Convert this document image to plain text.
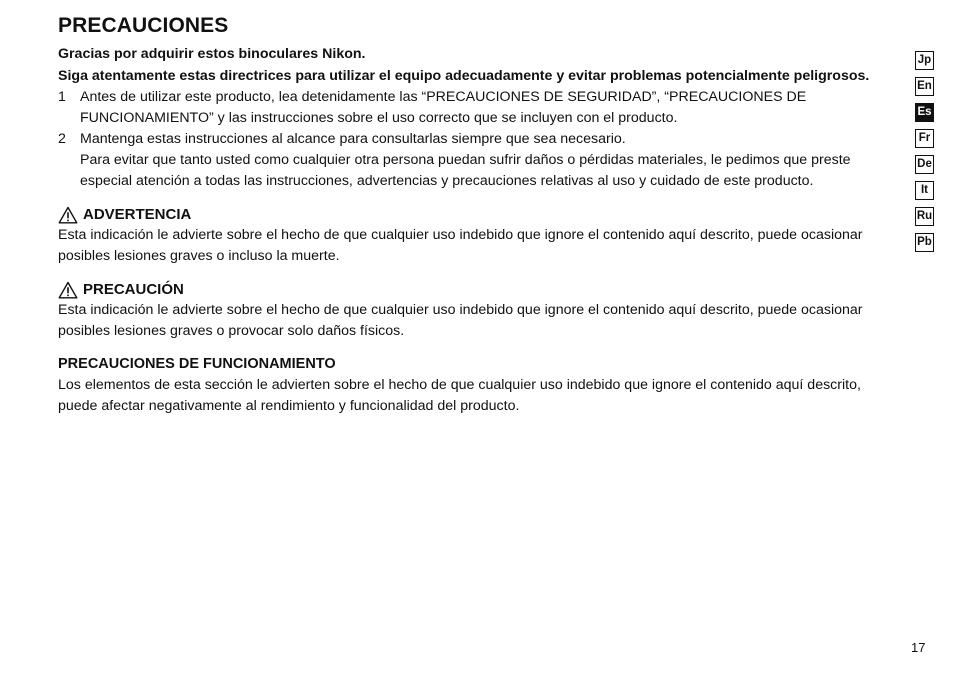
PRECAUCIONES

Gracias por adquirir estos binoculares Nikon.

Siga atentamente estas directrices para utilizar el equipo adecuadamente y evitar problemas potencialmente peligrosos.

1 Antes de utilizar este producto, lea detenidamente las “PRECAUCIONES DE SEGURIDAD”, “PRECAUCIONES DE FUNCIONAMIENTO” y las instrucciones sobre el uso correcto que se incluyen con el producto.
2 Mantenga estas instrucciones al alcance para consultarlas siempre que sea necesario.
Para evitar que tanto usted como cualquier otra persona puedan sufrir daños o pérdidas materiales, le pedimos que preste especial atención a todas las instrucciones, advertencias y precauciones relativas al uso y cuidado de este producto.

ADVERTENCIA

Esta indicación le advierte sobre el hecho de que cualquier uso indebido que ignore el contenido aquí descrito, puede ocasionar posibles lesiones graves o incluso la muerte.

PRECAUCIÓN

Esta indicación le advierte sobre el hecho de que cualquier uso indebido que ignore el contenido aquí descrito, puede ocasionar posibles lesiones graves o provocar solo daños físicos.

PRECAUCIONES DE FUNCIONAMIENTO

Los elementos de esta sección le advierten sobre el hecho de que cualquier uso indebido que ignore el contenido aquí descrito, puede afectar negativamente al rendimiento y funcionalidad del producto.

Jp
En
Es
Fr
De
It
Ru
Pb
17
